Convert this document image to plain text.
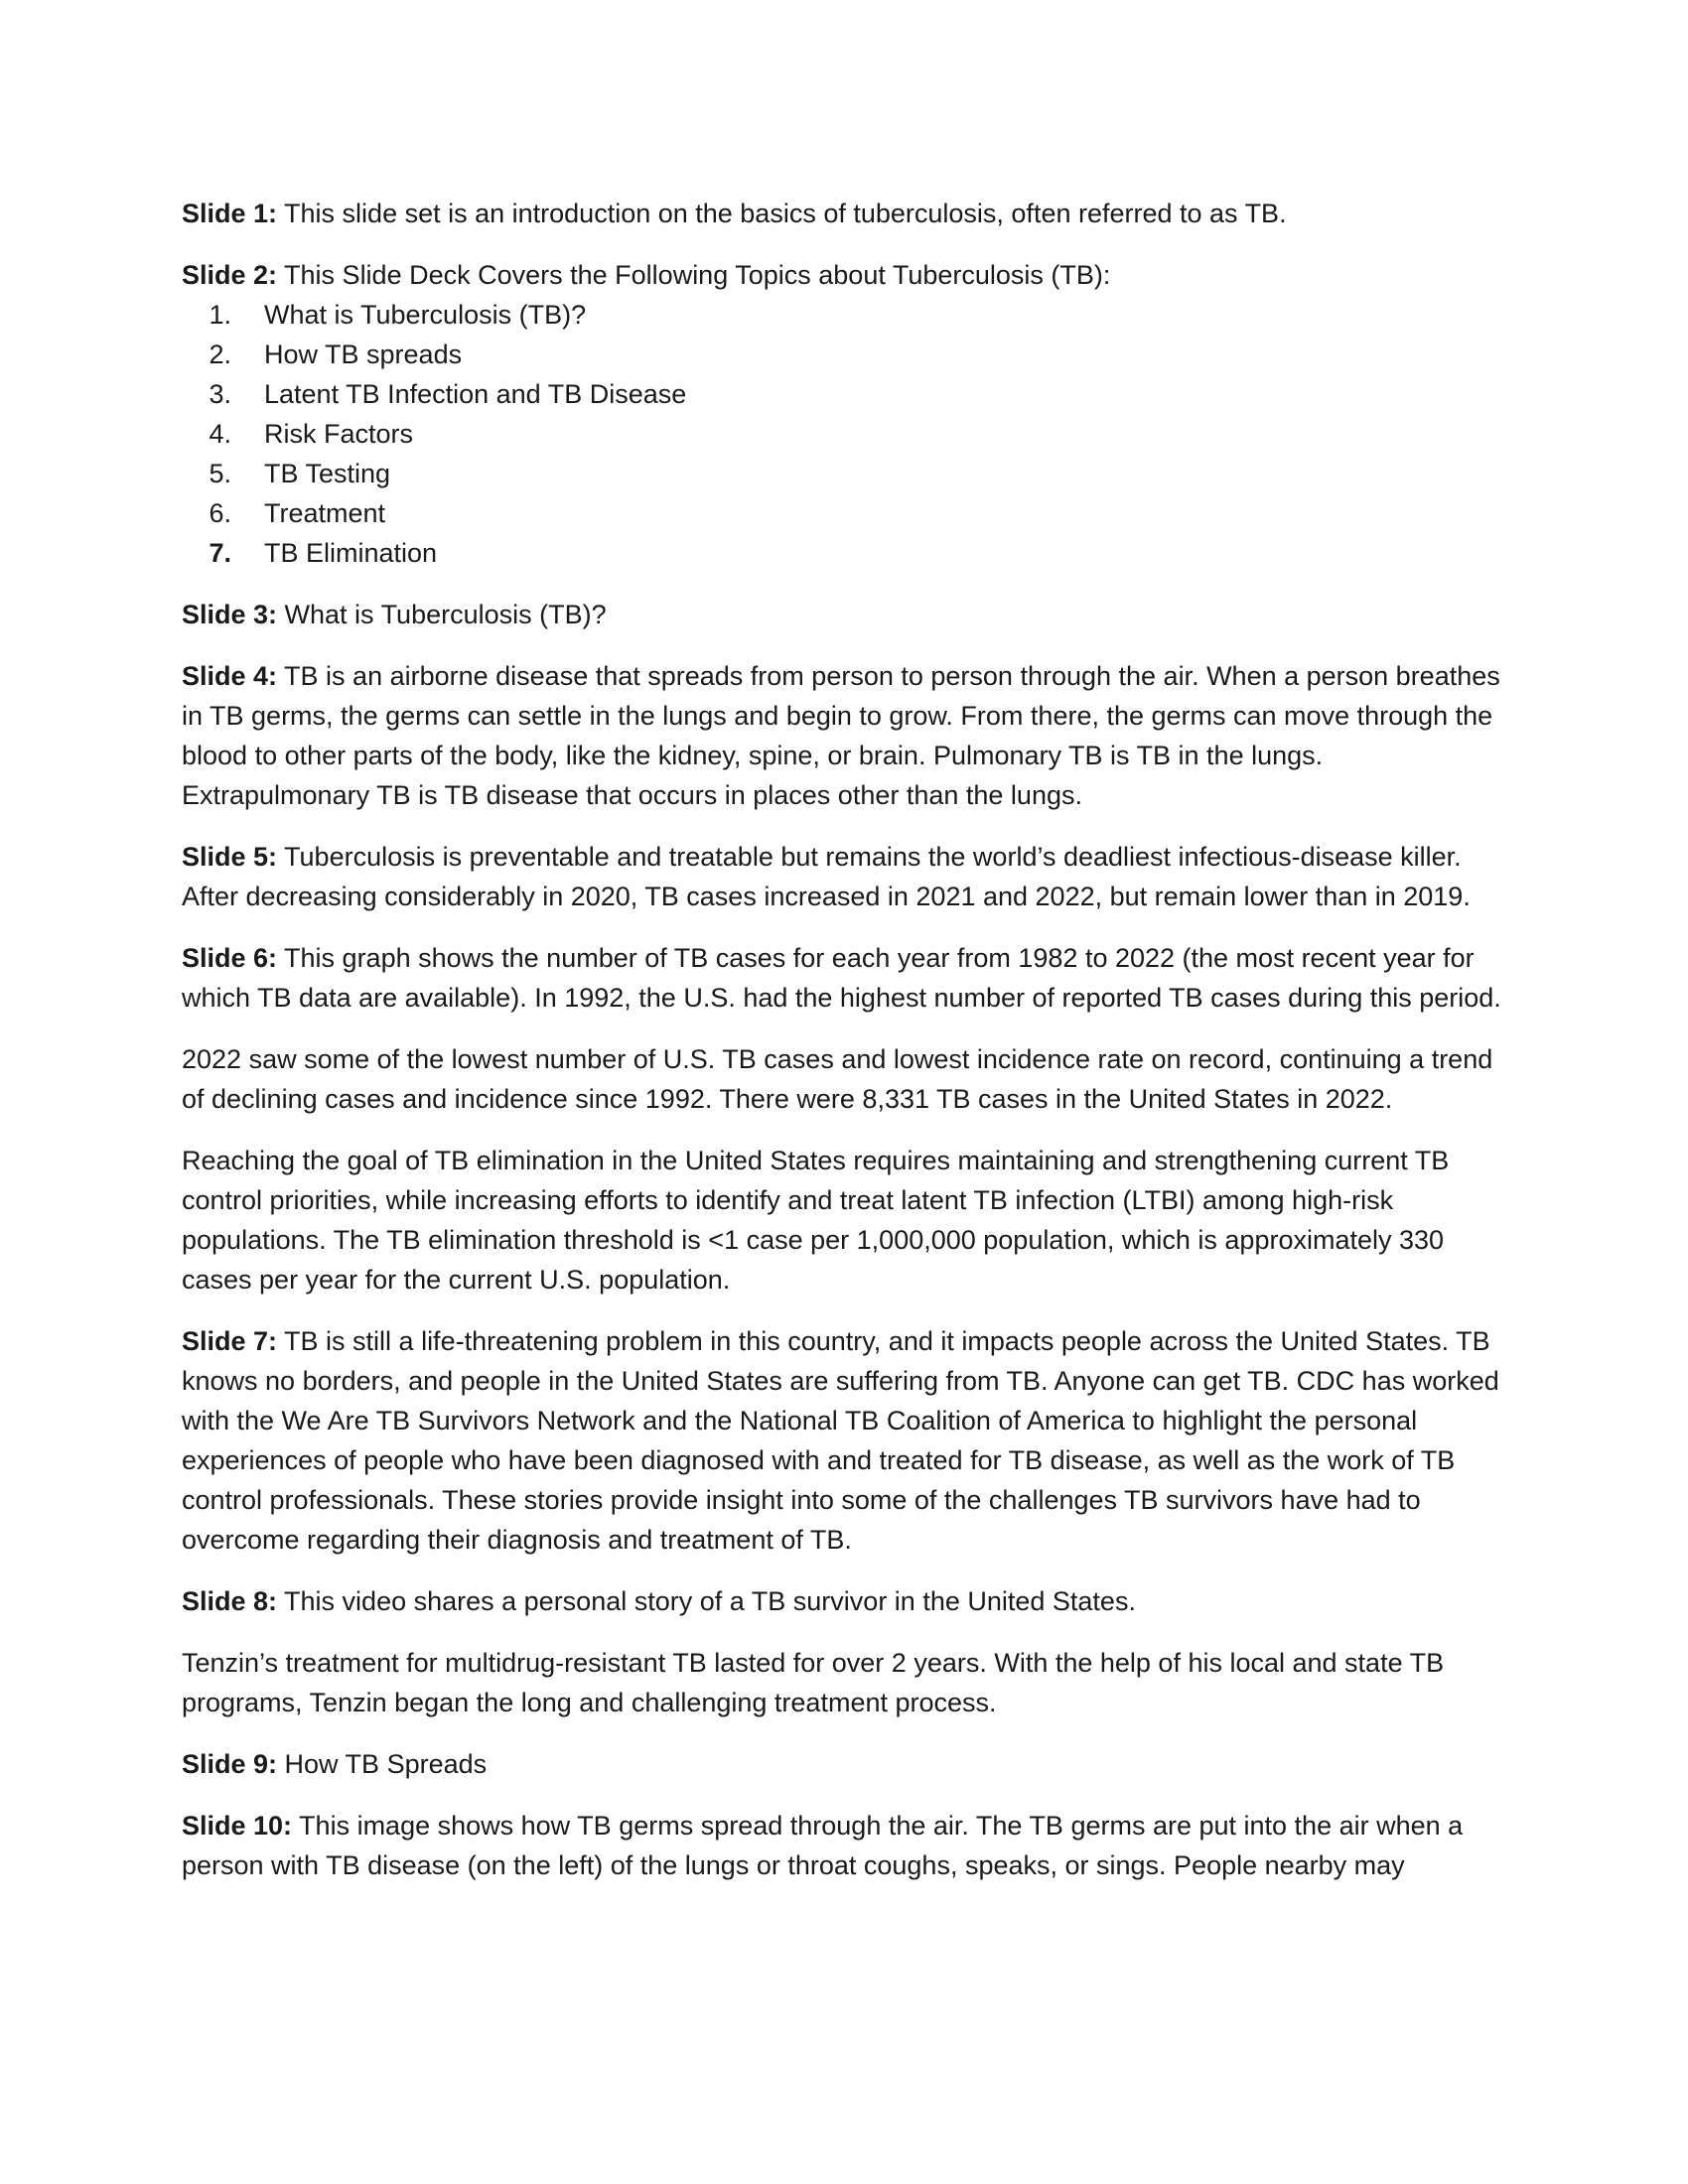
Slide 1: This slide set is an introduction on the basics of tuberculosis, often referred to as TB.

Slide 2: This Slide Deck Covers the Following Topics about Tuberculosis (TB):

1.	What is Tuberculosis (TB)?
2.	How TB spreads
3.	Latent TB Infection and TB Disease
4.	Risk Factors
5.	TB Testing
6.	Treatment
7.	TB Elimination

Slide 3: What is Tuberculosis (TB)?

Slide 4: TB is an airborne disease that spreads from person to person through the air. When a person breathes in TB germs, the germs can settle in the lungs and begin to grow. From there, the germs can move through the blood to other parts of the body, like the kidney, spine, or brain. Pulmonary TB is TB in the lungs. Extrapulmonary TB is TB disease that occurs in places other than the lungs.

Slide 5: Tuberculosis is preventable and treatable but remains the world’s deadliest infectious-disease killer. After decreasing considerably in 2020, TB cases increased in 2021 and 2022, but remain lower than in 2019.

Slide 6: This graph shows the number of TB cases for each year from 1982 to 2022 (the most recent year for which TB data are available). In 1992, the U.S. had the highest number of reported TB cases during this period.

2022 saw some of the lowest number of U.S. TB cases and lowest incidence rate on record, continuing a trend of declining cases and incidence since 1992. There were 8,331 TB cases in the United States in 2022.

Reaching the goal of TB elimination in the United States requires maintaining and strengthening current TB control priorities, while increasing efforts to identify and treat latent TB infection (LTBI) among high-risk populations. The TB elimination threshold is <1 case per 1,000,000 population, which is approximately 330 cases per year for the current U.S. population.

Slide 7: TB is still a life-threatening problem in this country, and it impacts people across the United States. TB knows no borders, and people in the United States are suffering from TB. Anyone can get TB. CDC has worked with the We Are TB Survivors Network and the National TB Coalition of America to highlight the personal experiences of people who have been diagnosed with and treated for TB disease, as well as the work of TB control professionals. These stories provide insight into some of the challenges TB survivors have had to overcome regarding their diagnosis and treatment of TB.

Slide 8: This video shares a personal story of a TB survivor in the United States.

Tenzin’s treatment for multidrug-resistant TB lasted for over 2 years. With the help of his local and state TB programs, Tenzin began the long and challenging treatment process.

Slide 9: How TB Spreads

Slide 10: This image shows how TB germs spread through the air. The TB germs are put into the air when a person with TB disease (on the left) of the lungs or throat coughs, speaks, or sings. People nearby may
